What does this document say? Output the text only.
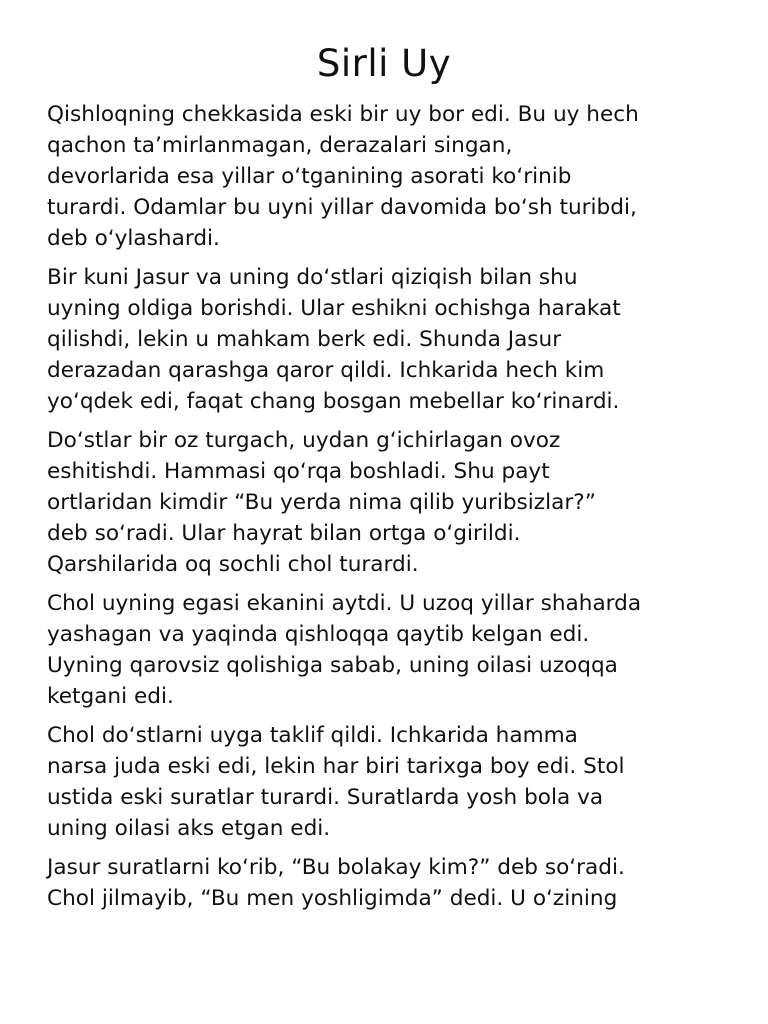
Sirli Uy

Qishloqning chekkasida eski bir uy bor edi. Bu uy hech
qachon ta’mirlanmagan, derazalari singan,
devorlarida esa yillar o‘tganining asorati ko‘rinib
turardi. Odamlar bu uyni yillar davomida bo‘sh turibdi,
deb o‘ylashardi.

Bir kuni Jasur va uning do‘stlari qiziqish bilan shu
uyning oldiga borishdi. Ular eshikni ochishga harakat
qilishdi, lekin u mahkam berk edi. Shunda Jasur
derazadan qarashga qaror qildi. Ichkarida hech kim
yo‘qdek edi, faqat chang bosgan mebellar ko‘rinardi.

Do‘stlar bir oz turgach, uydan g‘ichirlagan ovoz
eshitishdi. Hammasi qo‘rqa boshladi. Shu payt
ortlaridan kimdir “Bu yerda nima qilib yuribsizlar?”
deb so‘radi. Ular hayrat bilan ortga o‘girildi.
Qarshilarida oq sochli chol turardi.

Chol uyning egasi ekanini aytdi. U uzoq yillar shaharda
yashagan va yaqinda qishloqqa qaytib kelgan edi.
Uyning qarovsiz qolishiga sabab, uning oilasi uzoqqa
ketgani edi.

Chol do‘stlarni uyga taklif qildi. Ichkarida hamma
narsa juda eski edi, lekin har biri tarixga boy edi. Stol
ustida eski suratlar turardi. Suratlarda yosh bola va
uning oilasi aks etgan edi.

Jasur suratlarni ko‘rib, “Bu bolakay kim?” deb so‘radi.
Chol jilmayib, “Bu men yoshligimda” dedi. U o‘zining
